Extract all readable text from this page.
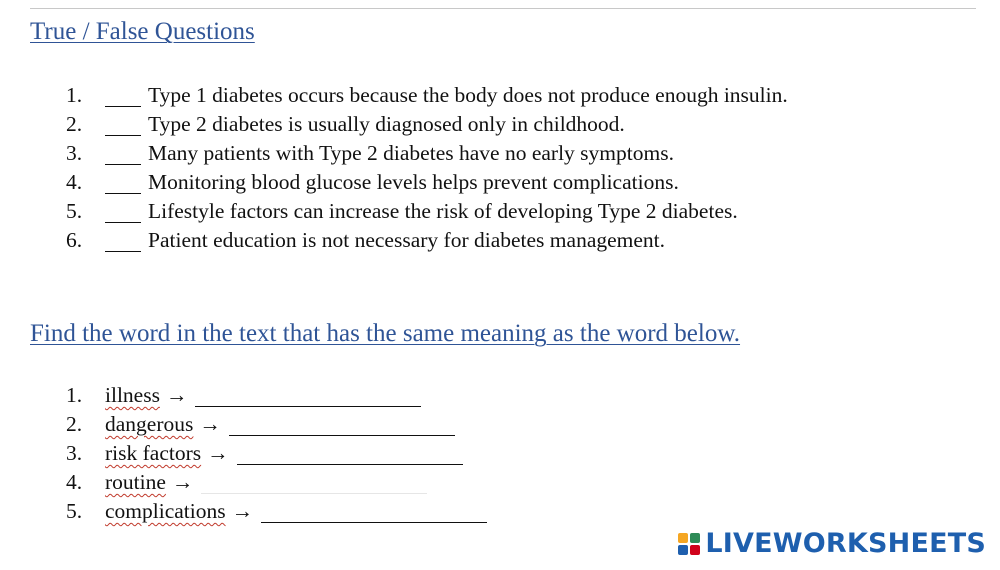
True / False Questions
1.	Type 1 diabetes occurs because the body does not produce enough insulin.
2.	Type 2 diabetes is usually diagnosed only in childhood.
3.	Many patients with Type 2 diabetes have no early symptoms.
4.	Monitoring blood glucose levels helps prevent complications.
5.	Lifestyle factors can increase the risk of developing Type 2 diabetes.
6.	Patient education is not necessary for diabetes management.
Find the word in the text that has the same meaning as the word below.
1.	illness →
2.	dangerous →
3.	risk factors →
4.	routine →
5.	complications →
LIVEWORKSHEETS
